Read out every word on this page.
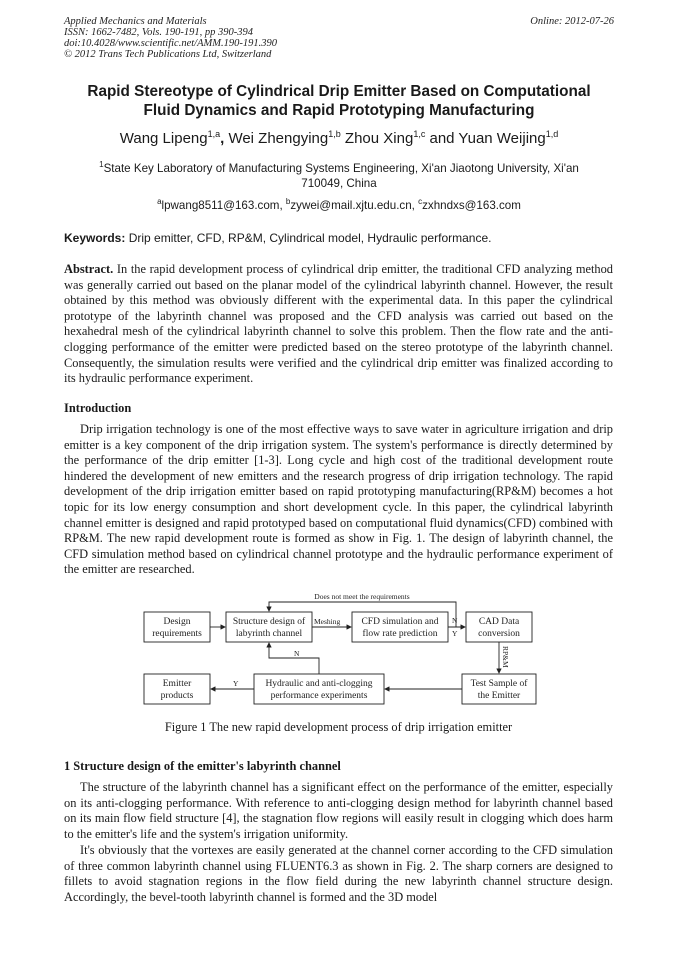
Applied Mechanics and Materials
ISSN: 1662-7482, Vols. 190-191, pp 390-394
doi:10.4028/www.scientific.net/AMM.190-191.390
© 2012 Trans Tech Publications Ltd, Switzerland
Online: 2012-07-26
Rapid Stereotype of Cylindrical Drip Emitter Based on Computational
Fluid Dynamics and Rapid Prototyping Manufacturing
Wang Lipeng$^{1,a}$, Wei Zhengying$^{1,b}$ Zhou Xing$^{1,c}$ and Yuan Weijing$^{1,d}$
$^1$State Key Laboratory of Manufacturing Systems Engineering, Xi'an Jiaotong University, Xi'an
710049, China
$^a$lpwang8511@163.com, $^b$zywei@mail.xjtu.edu.cn, $^c$zxhndxs@163.com
Keywords: Drip emitter, CFD, RP&M, Cylindrical model, Hydraulic performance.

Abstract. In the rapid development process of cylindrical drip emitter, the traditional CFD analyzing method was generally carried out based on the planar model of the cylindrical labyrinth channel. However, the result obtained by this method was obviously different with the experimental data. In this paper the cylindrical prototype of the labyrinth channel was proposed and the CFD analysis was carried out based on the hexahedral mesh of the cylindrical labyrinth channel to solve this problem. Then the flow rate and the anti-clogging performance of the emitter were predicted based on the stereo prototype of the labyrinth channel. Consequently, the simulation results were verified and the cylindrical drip emitter was finalized according to its hydraulic performance experiment.

Introduction

Drip irrigation technology is one of the most effective ways to save water in agriculture irrigation and drip emitter is a key component of the drip irrigation system. The system's performance is directly determined by the performance of the drip emitter [1-3]. Long cycle and high cost of the traditional development route hindered the development of new emitters and the research progress of drip irrigation technology. The rapid development of the drip irrigation emitter based on rapid prototyping manufacturing(RP&M) becomes a hot topic for its low energy consumption and short development cycle. In this paper, the cylindrical labyrinth channel emitter is designed and rapid prototyped based on computational fluid dynamics(CFD) combined with RP&M. The new rapid development route is formed as show in Fig. 1. The design of labyrinth channel, the CFD simulation method based on cylindrical channel prototype and the hydraulic performance experiment of the emitter are researched.

Design
requirements
Structure design of
labyrinth channel
CFD simulation and
flow rate prediction
CAD Data
conversion
Emitter
products
Hydraulic and anti-clogging
performance experiments
Test Sample of
the Emitter
Does not meet the requirements
Meshing	N
Y
N
Y
RP&M
Figure 1 The new rapid development process of drip irrigation emitter
1 Structure design of the emitter's labyrinth channel

The structure of the labyrinth channel has a significant effect on the performance of the emitter, especially on its anti-clogging performance. With reference to anti-clogging design method for labyrinth channel based on its main flow field structure [4], the stagnation flow regions will easily result in clogging which does harm to the emitter's life and the system's irrigation uniformity.

It's obviously that the vortexes are easily generated at the channel corner according to the CFD simulation of three common labyrinth channel using FLUENT6.3 as shown in Fig. 2. The sharp corners are designed to fillets to avoid stagnation regions in the flow field during the new labyrinth channel structure design. Accordingly, the bevel-tooth labyrinth channel is formed and the 3D model
